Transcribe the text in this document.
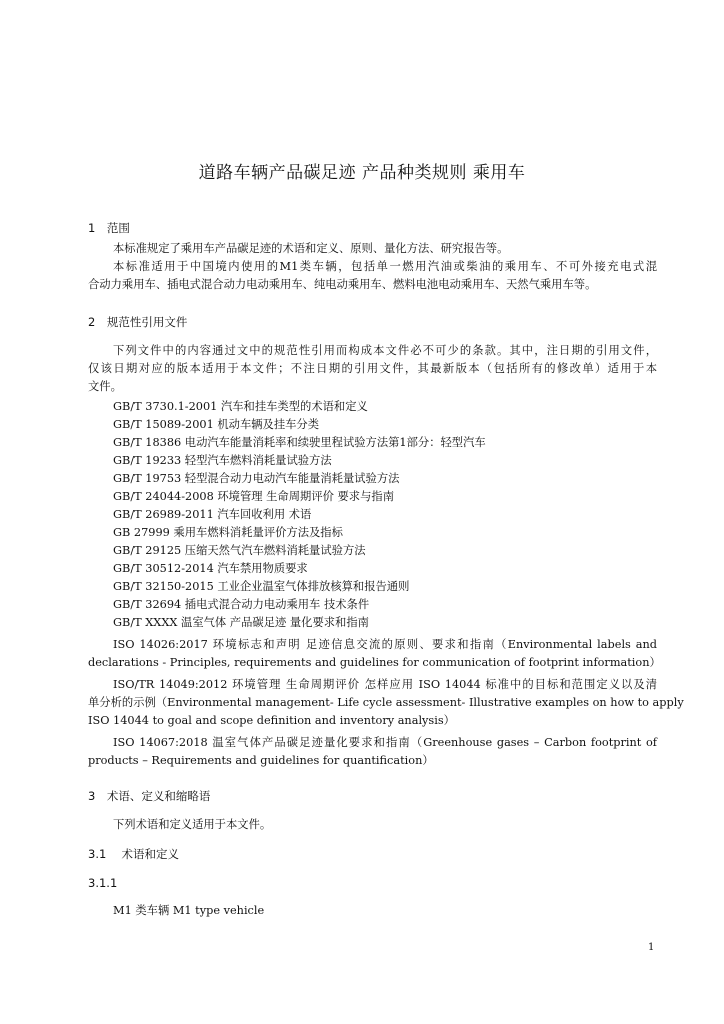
道路车辆产品碳足迹 产品种类规则 乘用车
1　范围
本标准规定了乘用车产品碳足迹的术语和定义、原则、量化方法、研究报告等。
本标准适用于中国境内使用的M1类车辆，包括单一燃用汽油或柴油的乘用车、不可外接充电式混
合动力乘用车、插电式混合动力电动乘用车、纯电动乘用车、燃料电池电动乘用车、天然气乘用车等。
2　规范性引用文件
下列文件中的内容通过文中的规范性引用而构成本文件必不可少的条款。其中，注日期的引用文件，
仅该日期对应的版本适用于本文件；不注日期的引用文件，其最新版本（包括所有的修改单）适用于本
文件。
GB/T 3730.1-2001 汽车和挂车类型的术语和定义
GB/T 15089-2001 机动车辆及挂车分类
GB/T 18386 电动汽车能量消耗率和续驶里程试验方法第1部分：轻型汽车
GB/T 19233 轻型汽车燃料消耗量试验方法
GB/T 19753 轻型混合动力电动汽车能量消耗量试验方法
GB/T 24044-2008 环境管理 生命周期评价 要求与指南
GB/T 26989-2011 汽车回收利用 术语
GB 27999 乘用车燃料消耗量评价方法及指标
GB/T 29125 压缩天然气汽车燃料消耗量试验方法
GB/T 30512-2014 汽车禁用物质要求
GB/T 32150-2015 工业企业温室气体排放核算和报告通则
GB/T 32694 插电式混合动力电动乘用车 技术条件
GB/T XXXX 温室气体 产品碳足迹 量化要求和指南
ISO 14026:2017 环境标志和声明 足迹信息交流的原则、要求和指南（Environmental labels and
declarations - Principles, requirements and guidelines for communication of footprint information）
ISO/TR 14049:2012 环境管理 生命周期评价 怎样应用 ISO 14044 标准中的目标和范围定义以及清
单分析的示例（Environmental management- Life cycle assessment- Illustrative examples on how to apply
ISO 14044 to goal and scope definition and inventory analysis）
ISO 14067:2018 温室气体产品碳足迹量化要求和指南（Greenhouse gases – Carbon footprint of
products – Requirements and guidelines for quantification）
3　术语、定义和缩略语
下列术语和定义适用于本文件。
3.1　 术语和定义
3.1.1
M1 类车辆 M1 type vehicle
1
